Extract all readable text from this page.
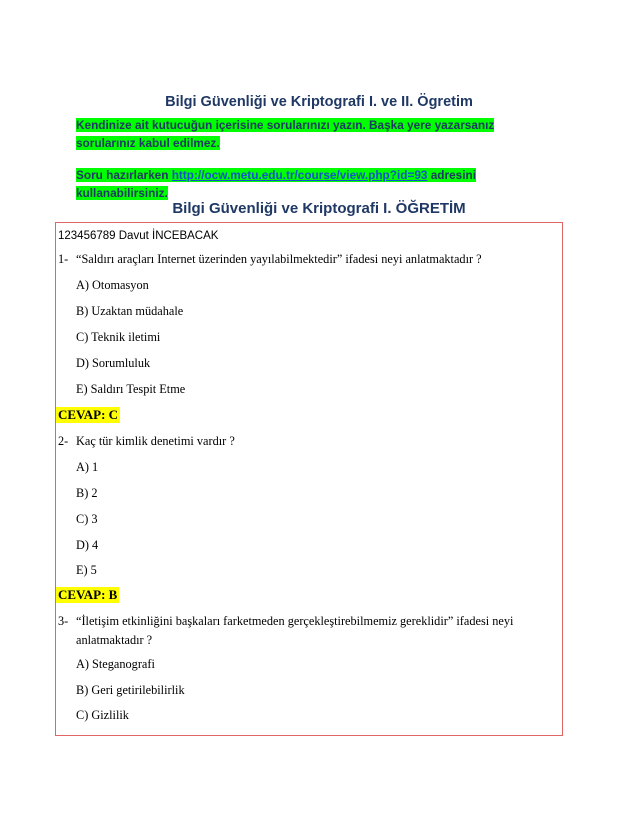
Bilgi Güvenliği ve Kriptografi I. ve II. Ögretim
Kendinize ait kutucuğun içerisine sorularınızı yazın. Başka yere yazarsanız
sorularınız kabul edilmez.
Soru hazırlarken http://ocw.metu.edu.tr/course/view.php?id=93 adresini
kullanabilirsiniz.
Bilgi Güvenliği ve Kriptografi I. ÖĞRETİM
123456789 Davut İNCEBACAK
1- “Saldırı araçları Internet üzerinden yayılabilmektedir” ifadesi neyi anlatmaktadır ?
A) Otomasyon
B) Uzaktan müdahale
C) Teknik iletimi
D) Sorumluluk
E) Saldırı Tespit Etme
CEVAP: C
2- Kaç tür kimlik denetimi vardır ?
A) 1
B) 2
C) 3
D) 4
E) 5
CEVAP: B
3- “İletişim etkinliğini başkaları farketmeden gerçekleştirebilmemiz gereklidir” ifadesi neyi
anlatmaktadır ?
A) Steganografi
B) Geri getirilebilirlik
C) Gizlilik
